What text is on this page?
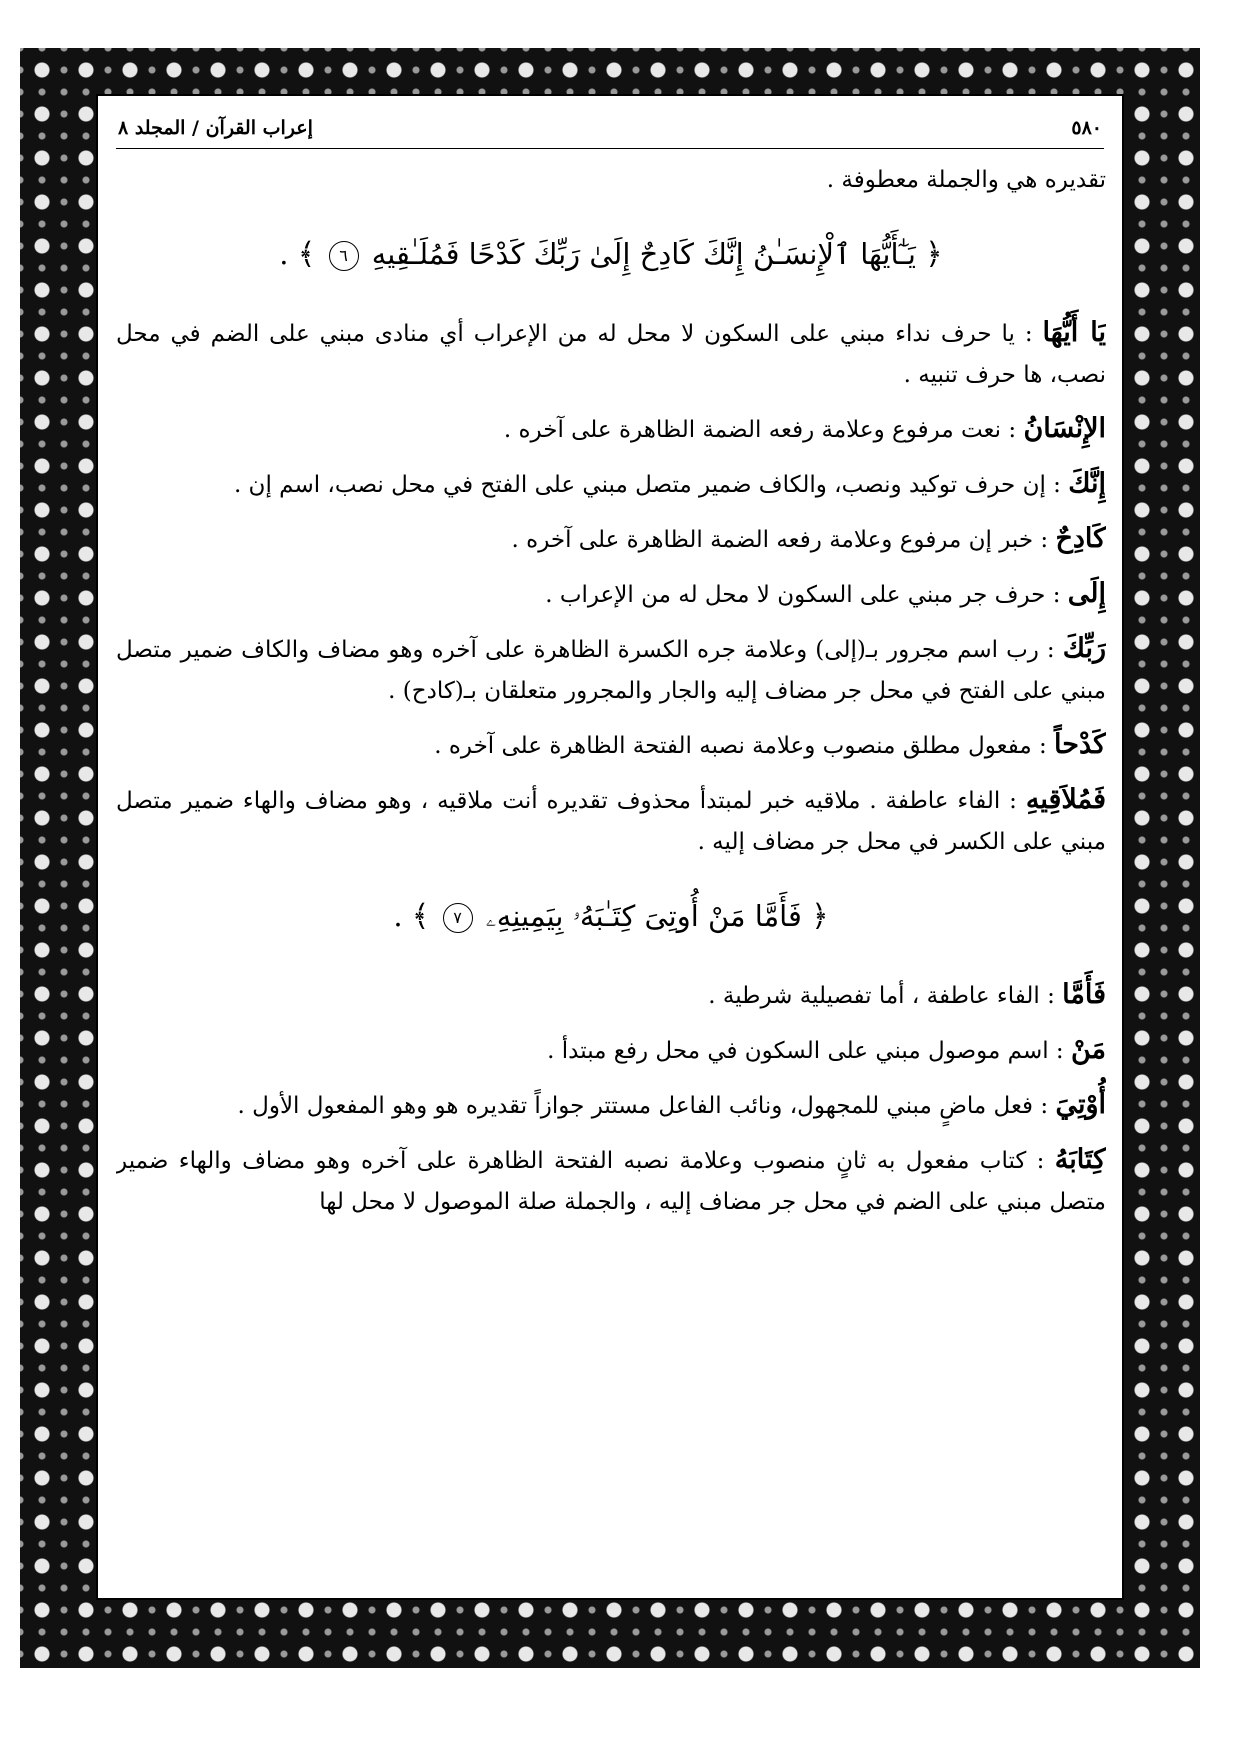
٥٨٠
إعراب القرآن / المجلد ٨

تقديره هي والجملة معطوفة .

﴿ يَـٰٓأَيُّهَا ٱلْإِنسَـٰنُ إِنَّكَ كَادِحٌ إِلَىٰ رَبِّكَ كَدْحًا فَمُلَـٰقِيهِ ٦ ﴾ .

يَا أَيُّهَا : يا حرف نداء مبني على السكون لا محل له من الإعراب أي منادى مبني على الضم في محل نصب، ها حرف تنبيه .

الإِنْسَانُ : نعت مرفوع وعلامة رفعه الضمة الظاهرة على آخره .

إِنَّكَ : إن حرف توكيد ونصب، والكاف ضمير متصل مبني على الفتح في محل نصب، اسم إن .

كَادِحٌ : خبر إن مرفوع وعلامة رفعه الضمة الظاهرة على آخره .

إِلَى : حرف جر مبني على السكون لا محل له من الإعراب .

رَبِّكَ : رب اسم مجرور بـ(إلى) وعلامة جره الكسرة الظاهرة على آخره وهو مضاف والكاف ضمير متصل مبني على الفتح في محل جر مضاف إليه والجار والمجرور متعلقان بـ(كادح) .

كَدْحاً : مفعول مطلق منصوب وعلامة نصبه الفتحة الظاهرة على آخره .

فَمُلاَقِيهِ : الفاء عاطفة . ملاقيه خبر لمبتدأ محذوف تقديره أنت ملاقيه ، وهو مضاف والهاء ضمير متصل مبني على الكسر في محل جر مضاف إليه .

﴿ فَأَمَّا مَنْ أُوتِىَ كِتَـٰبَهُۥ بِيَمِينِهِۦ ٧ ﴾ .

فَأَمَّا : الفاء عاطفة ، أما تفصيلية شرطية .

مَنْ : اسم موصول مبني على السكون في محل رفع مبتدأ .

أُوْتِيَ : فعل ماضٍ مبني للمجهول، ونائب الفاعل مستتر جوازاً تقديره هو وهو المفعول الأول .

كِتَابَهُ : كتاب مفعول به ثانٍ منصوب وعلامة نصبه الفتحة الظاهرة على آخره وهو مضاف والهاء ضمير متصل مبني على الضم في محل جر مضاف إليه ، والجملة صلة الموصول لا محل لها
